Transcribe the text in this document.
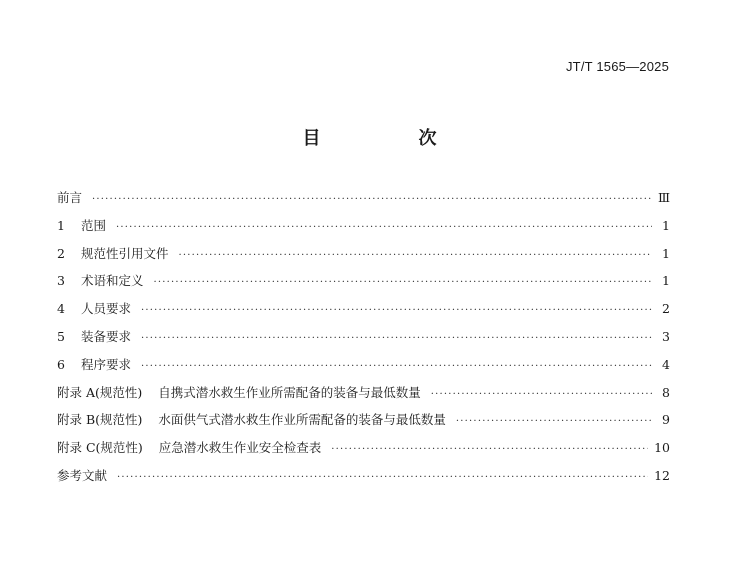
JT/T 1565—2025
目　次
前言 ·····	Ⅲ
1 范围 ·····	1
2 规范性引用文件 ·····	1
3 术语和定义 ·····	1
4 人员要求 ·····	2
5 装备要求 ·····	3
6 程序要求 ·····	4
附录 A(规范性) 自携式潜水救生作业所需配备的装备与最低数量 ·····	8
附录 B(规范性) 水面供气式潜水救生作业所需配备的装备与最低数量 ·····	9
附录 C(规范性) 应急潜水救生作业安全检查表 ·····	10
参考文献 ·····	12
